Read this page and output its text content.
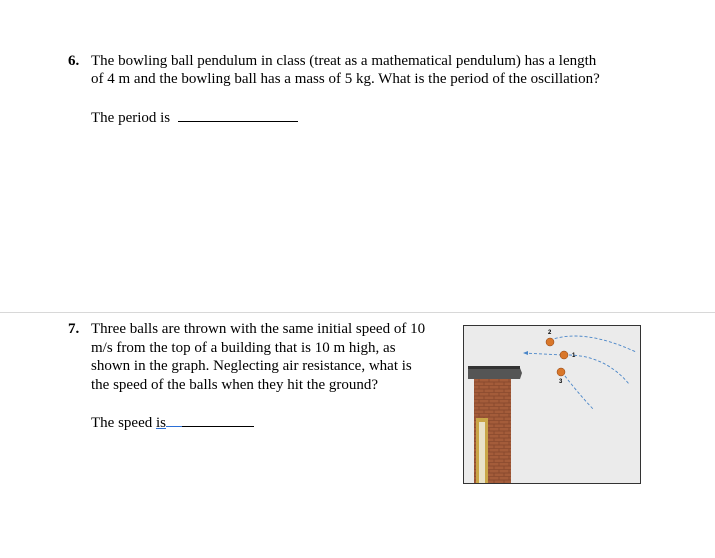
6. The bowling ball pendulum in class (treat as a mathematical pendulum) has a length
of 4 m and the bowling ball has a mass of 5 kg. What is the period of the oscillation?
The period is
7. Three balls are thrown with the same initial speed of 10
m/s from the top of a building that is 10 m high, as
shown in the graph. Neglecting air resistance, what is
the speed of the balls when they hit the ground?
The speed is
1
2
3
